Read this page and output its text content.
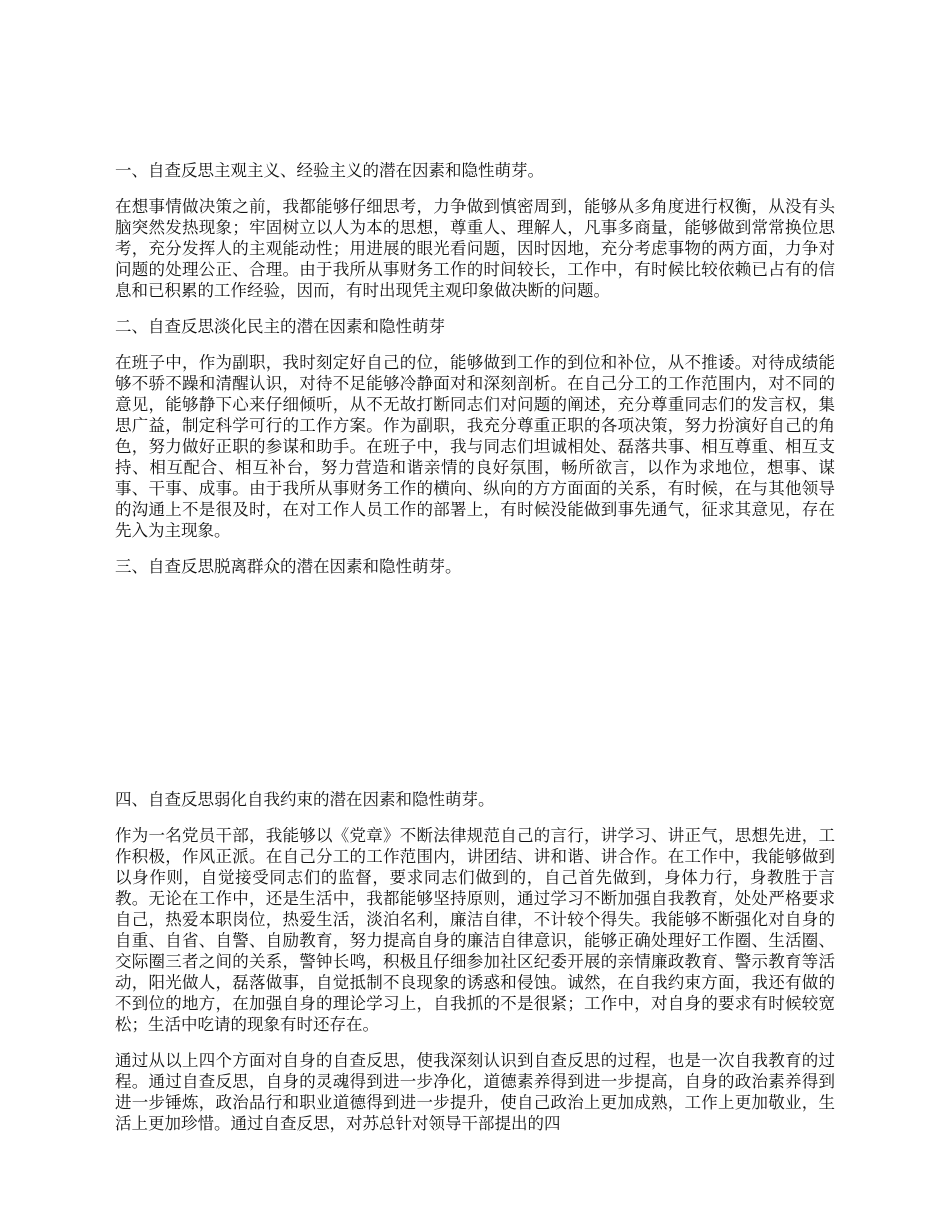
一、自查反思主观主义、经验主义的潜在因素和隐性萌芽。

在想事情做决策之前，我都能够仔细思考，力争做到慎密周到，能够从多角度进行权衡，从没有头脑突然发热现象；牢固树立以人为本的思想，尊重人、理解人，凡事多商量，能够做到常常换位思考，充分发挥人的主观能动性；用进展的眼光看问题，因时因地，充分考虑事物的两方面，力争对问题的处理公正、合理。由于我所从事财务工作的时间较长，工作中，有时候比较依赖已占有的信息和已积累的工作经验，因而，有时出现凭主观印象做决断的问题。

二、自查反思淡化民主的潜在因素和隐性萌芽

在班子中，作为副职，我时刻定好自己的位，能够做到工作的到位和补位，从不推诿。对待成绩能够不骄不躁和清醒认识，对待不足能够冷静面对和深刻剖析。在自己分工的工作范围内，对不同的意见，能够静下心来仔细倾听，从不无故打断同志们对问题的阐述，充分尊重同志们的发言权，集思广益，制定科学可行的工作方案。作为副职，我充分尊重正职的各项决策，努力扮演好自己的角色，努力做好正职的参谋和助手。在班子中，我与同志们坦诚相处、磊落共事、相互尊重、相互支持、相互配合、相互补台，努力营造和谐亲情的良好氛围，畅所欲言，以作为求地位，想事、谋事、干事、成事。由于我所从事财务工作的横向、纵向的方方面面的关系，有时候，在与其他领导的沟通上不是很及时，在对工作人员工作的部署上，有时候没能做到事先通气，征求其意见，存在先入为主现象。

三、自查反思脱离群众的潜在因素和隐性萌芽。

四、自查反思弱化自我约束的潜在因素和隐性萌芽。

作为一名党员干部，我能够以《党章》不断法律规范自己的言行，讲学习、讲正气，思想先进，工作积极，作风正派。在自己分工的工作范围内，讲团结、讲和谐、讲合作。在工作中，我能够做到以身作则，自觉接受同志们的监督，要求同志们做到的，自己首先做到，身体力行，身教胜于言教。无论在工作中，还是生活中，我都能够坚持原则，通过学习不断加强自我教育，处处严格要求自己，热爱本职岗位，热爱生活，淡泊名利，廉洁自律，不计较个得失。我能够不断强化对自身的自重、自省、自警、自励教育，努力提高自身的廉洁自律意识，能够正确处理好工作圈、生活圈、交际圈三者之间的关系，警钟长鸣，积极且仔细参加社区纪委开展的亲情廉政教育、警示教育等活动，阳光做人，磊落做事，自觉抵制不良现象的诱惑和侵蚀。诚然，在自我约束方面，我还有做的不到位的地方，在加强自身的理论学习上，自我抓的不是很紧；工作中，对自身的要求有时候较宽松；生活中吃请的现象有时还存在。

通过从以上四个方面对自身的自查反思，使我深刻认识到自查反思的过程，也是一次自我教育的过程。通过自查反思，自身的灵魂得到进一步净化，道德素养得到进一步提高，自身的政治素养得到进一步锤炼，政治品行和职业道德得到进一步提升，使自己政治上更加成熟，工作上更加敬业，生活上更加珍惜。通过自查反思，对苏总针对领导干部提出的四
